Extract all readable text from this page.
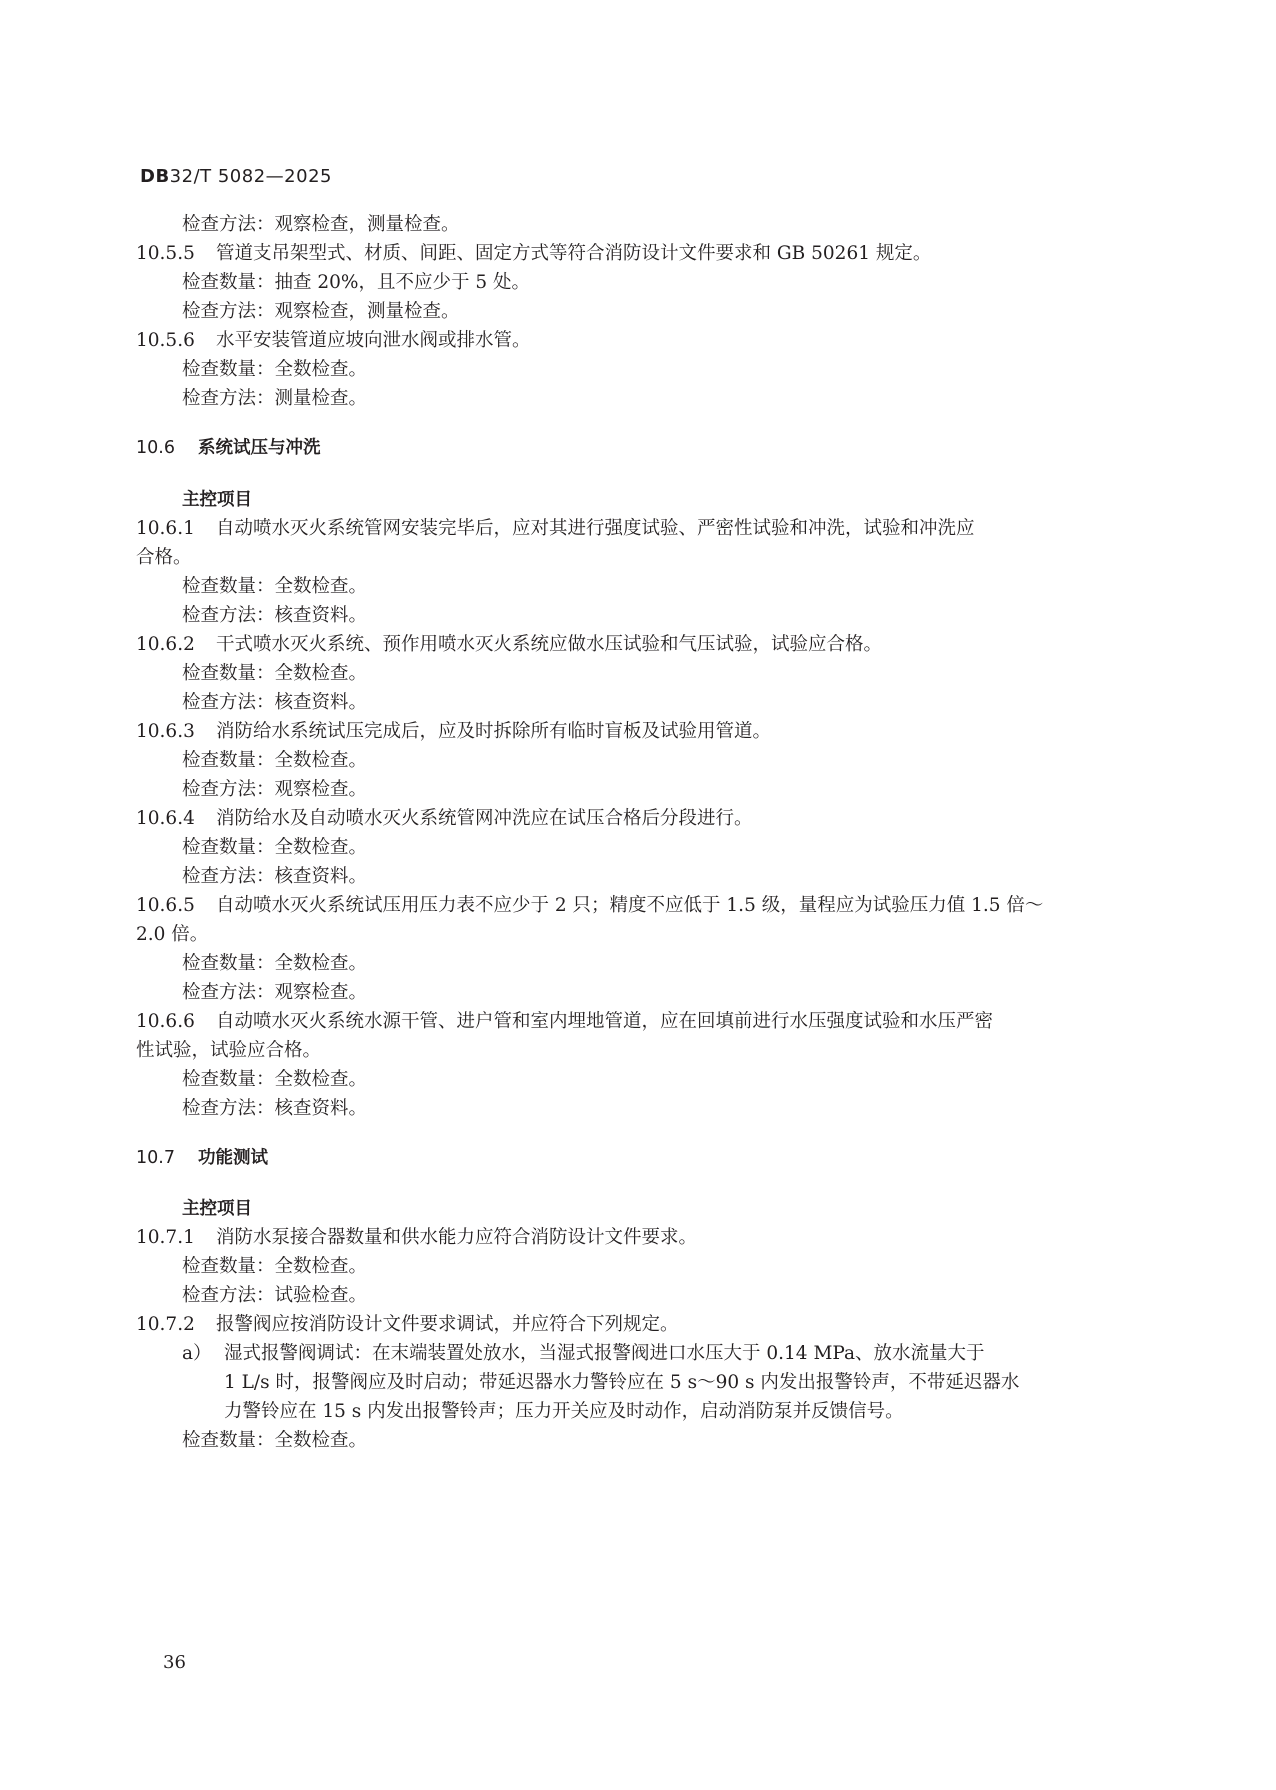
DB32/T 5082—2025
检查方法：观察检查，测量检查。
10.5.5 管道支吊架型式、材质、间距、固定方式等符合消防设计文件要求和 GB 50261 规定。
检查数量：抽查 20%，且不应少于 5 处。
检查方法：观察检查，测量检查。
10.5.6 水平安装管道应坡向泄水阀或排水管。
检查数量：全数检查。
检查方法：测量检查。
10.6 系统试压与冲洗
主控项目
10.6.1 自动喷水灭火系统管网安装完毕后，应对其进行强度试验、严密性试验和冲洗，试验和冲洗应
合格。
检查数量：全数检查。
检查方法：核查资料。
10.6.2 干式喷水灭火系统、预作用喷水灭火系统应做水压试验和气压试验，试验应合格。
检查数量：全数检查。
检查方法：核查资料。
10.6.3 消防给水系统试压完成后，应及时拆除所有临时盲板及试验用管道。
检查数量：全数检查。
检查方法：观察检查。
10.6.4 消防给水及自动喷水灭火系统管网冲洗应在试压合格后分段进行。
检查数量：全数检查。
检查方法：核查资料。
10.6.5 自动喷水灭火系统试压用压力表不应少于 2 只；精度不应低于 1.5 级，量程应为试验压力值 1.5 倍～
2.0 倍。
检查数量：全数检查。
检查方法：观察检查。
10.6.6 自动喷水灭火系统水源干管、进户管和室内埋地管道，应在回填前进行水压强度试验和水压严密
性试验，试验应合格。
检查数量：全数检查。
检查方法：核查资料。
10.7 功能测试
主控项目
10.7.1 消防水泵接合器数量和供水能力应符合消防设计文件要求。
检查数量：全数检查。
检查方法：试验检查。
10.7.2 报警阀应按消防设计文件要求调试，并应符合下列规定。
a） 湿式报警阀调试：在末端装置处放水，当湿式报警阀进口水压大于 0.14 MPa、放水流量大于
1 L/s 时，报警阀应及时启动；带延迟器水力警铃应在 5 s～90 s 内发出报警铃声，不带延迟器水
力警铃应在 15 s 内发出报警铃声；压力开关应及时动作，启动消防泵并反馈信号。
检查数量：全数检查。
36
